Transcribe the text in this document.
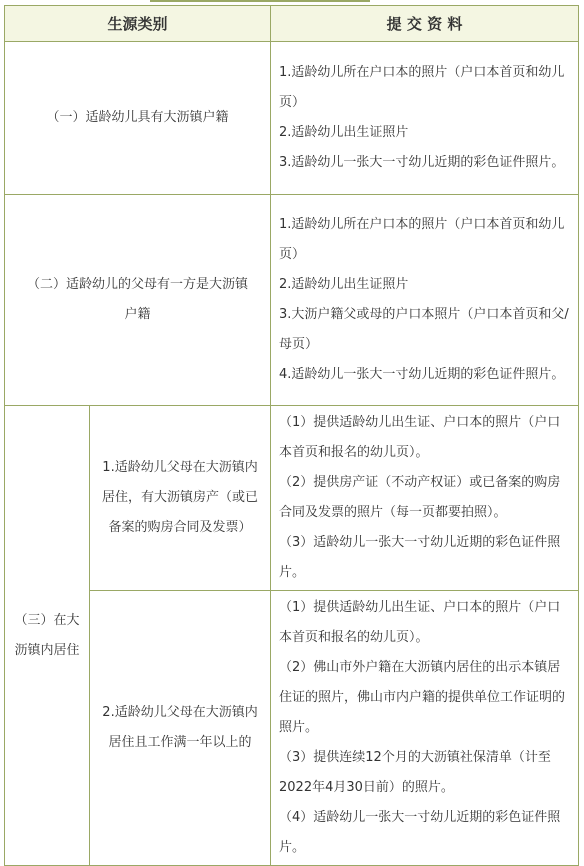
生源类别		提 交 资 料
（一）适龄幼儿具有大沥镇户籍		1.适龄幼儿所在户口本的照片（户口本首页和幼儿页）

2.适龄幼儿出生证照片

3.适龄幼儿一张大一寸幼儿近期的彩色证件照片。

（二）适龄幼儿的父母有一方是大沥镇户籍		1.适龄幼儿所在户口本的照片（户口本首页和幼儿页）

2.适龄幼儿出生证照片

3.大沥户籍父或母的户口本照片（户口本首页和父/母页）

4.适龄幼儿一张大一寸幼儿近期的彩色证件照片。

（三）在大沥镇内居住	1.适龄幼儿父母在大沥镇内居住，有大沥镇房产（或已备案的购房合同及发票）	（1）提供适龄幼儿出生证、户口本的照片（户口本首页和报名的幼儿页）。

（2）提供房产证（不动产权证）或已备案的购房合同及发票的照片（每一页都要拍照）。

（3）适龄幼儿一张大一寸幼儿近期的彩色证件照片。

	2.适龄幼儿父母在大沥镇内居住且工作满一年以上的	（1）提供适龄幼儿出生证、户口本的照片（户口本首页和报名的幼儿页）。

（2）佛山市外户籍在大沥镇内居住的出示本镇居住证的照片，佛山市内户籍的提供单位工作证明的照片。

（3）提供连续12个月的大沥镇社保清单（计至2022年4月30日前）的照片。

（4）适龄幼儿一张大一寸幼儿近期的彩色证件照片。
